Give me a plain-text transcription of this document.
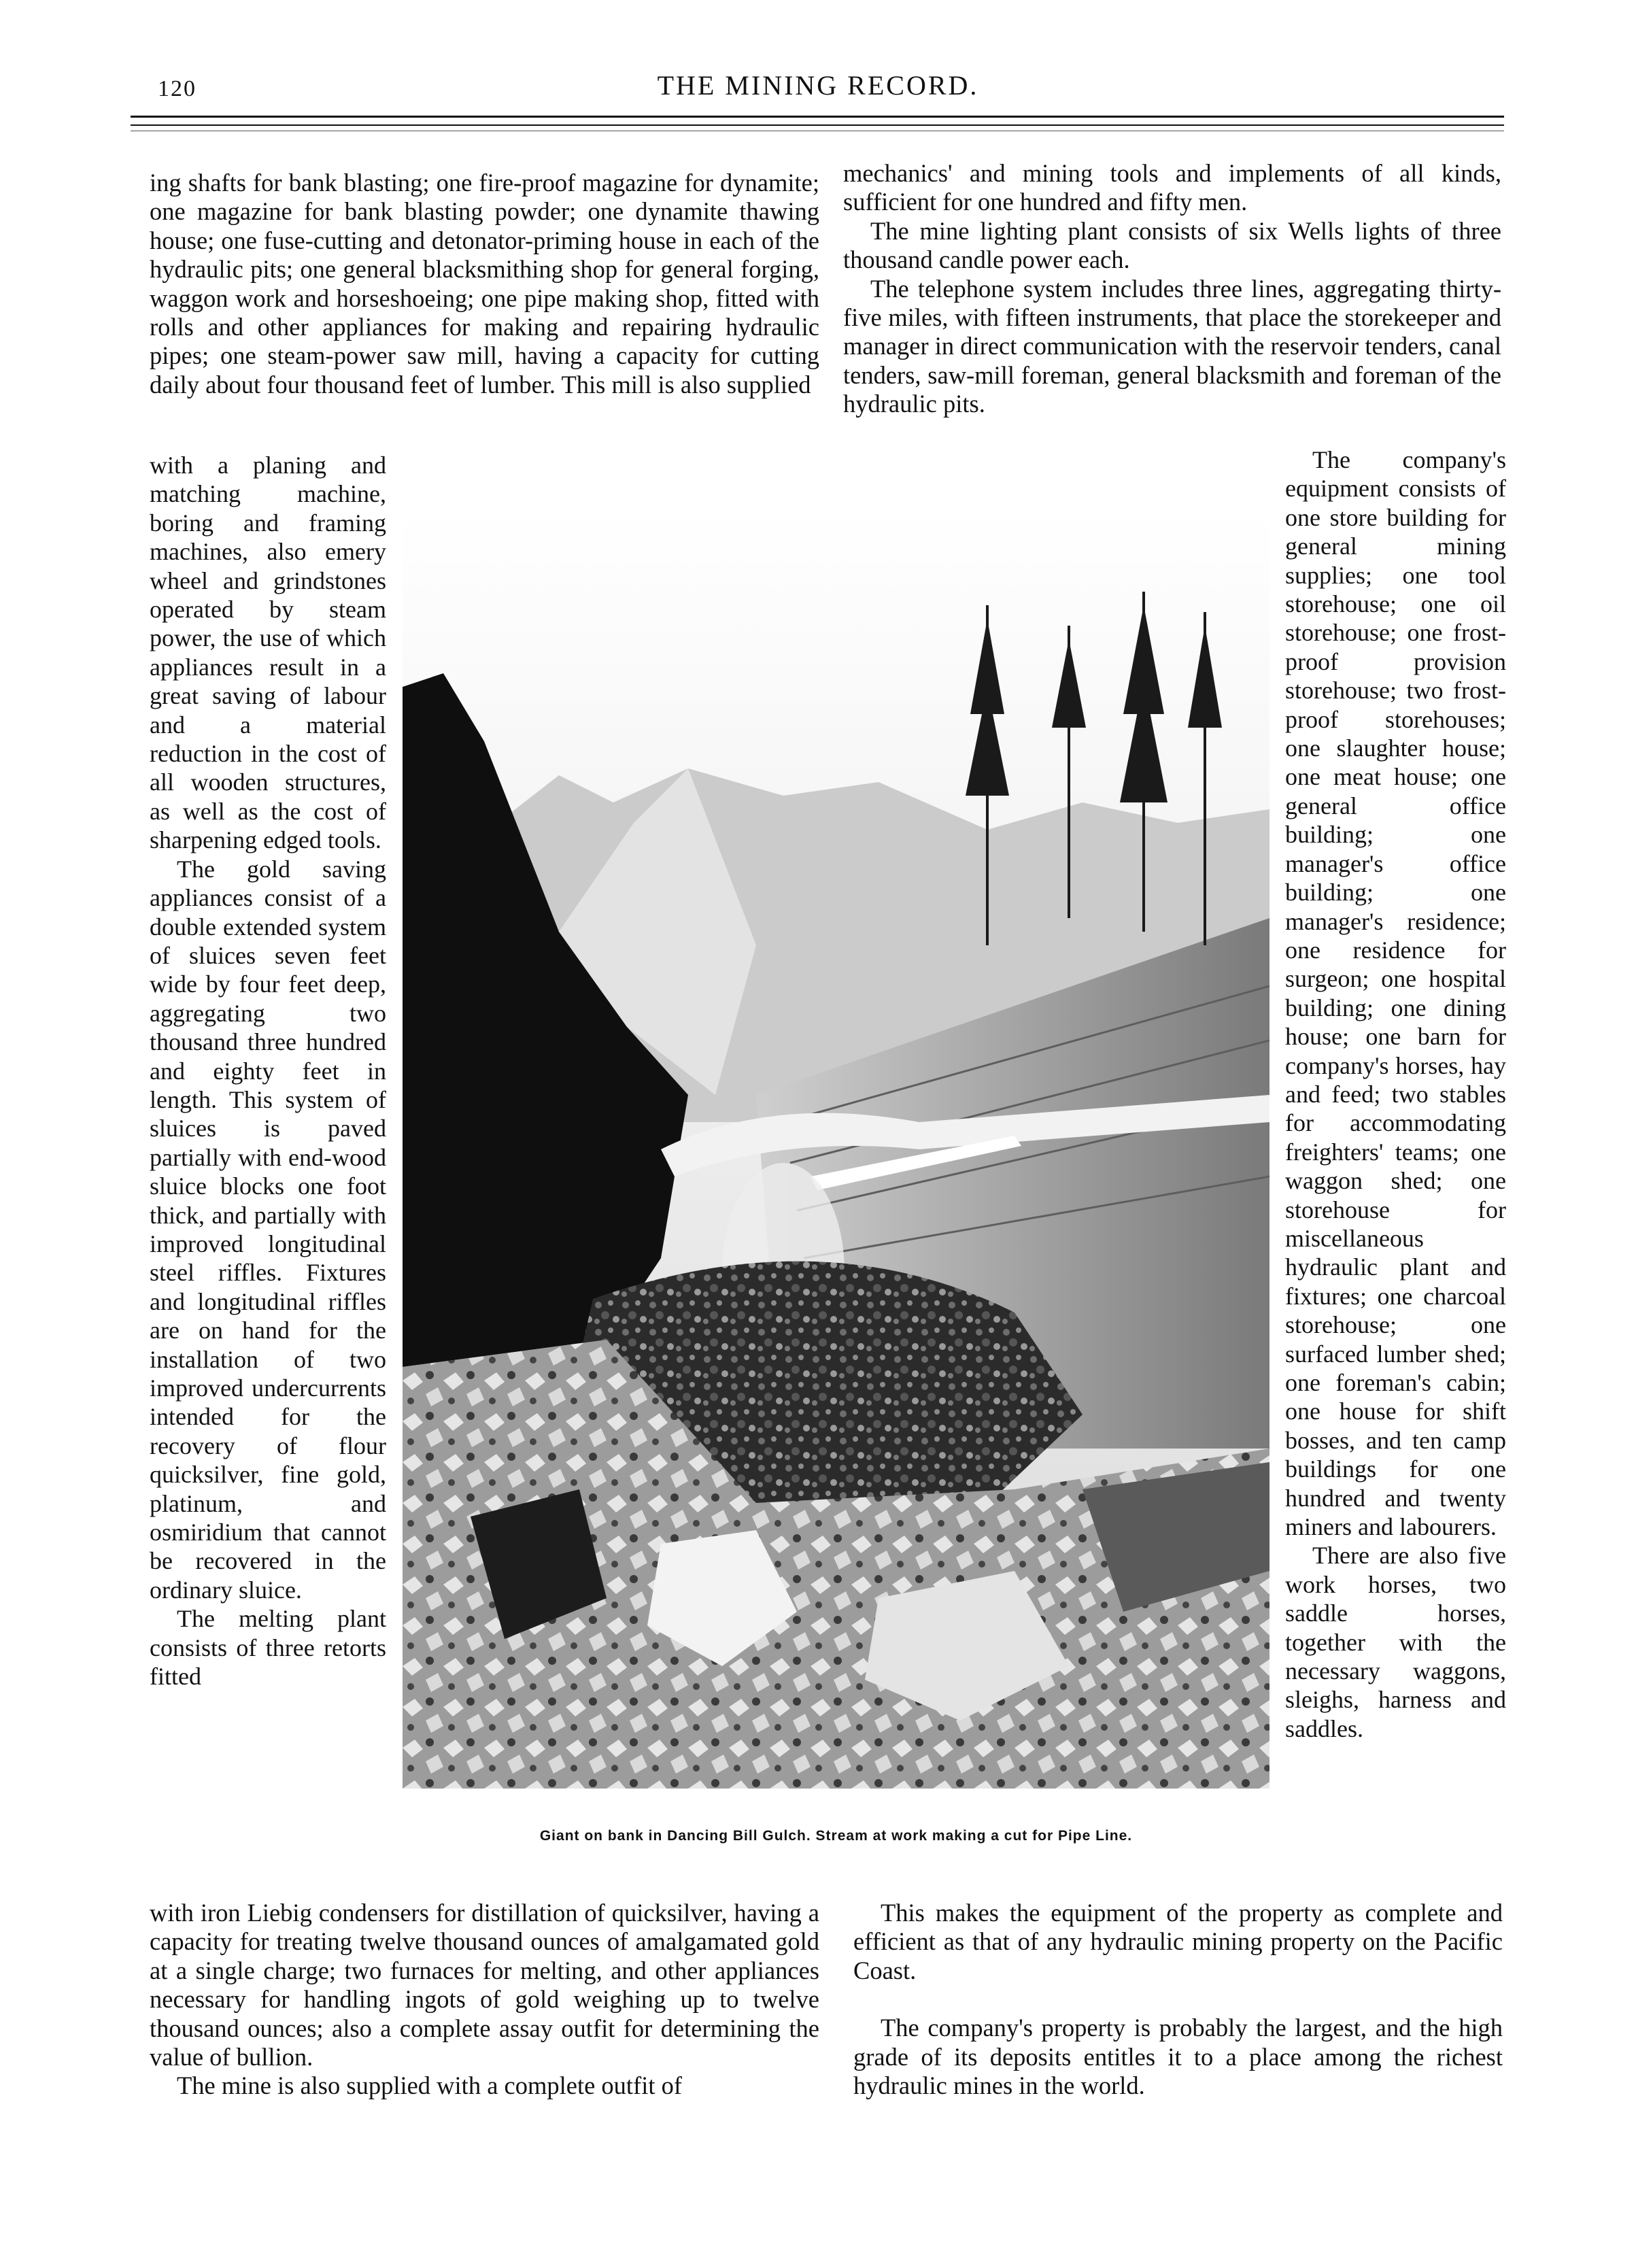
120	THE MINING RECORD.

ing shafts for bank blasting; one fire-proof magazine for dynamite; one magazine for bank blasting powder; one dynamite thawing house; one fuse-cutting and detonator-priming house in each of the hydraulic pits; one general blacksmithing shop for general forging, waggon work and horseshoeing; one pipe making shop, fitted with rolls and other appliances for making and repairing hydraulic pipes; one steam-power saw mill, having a capacity for cutting daily about four thousand feet of lumber. This mill is also supplied

with a planing and matching machine, boring and framing machines, also emery wheel and grindstones operated by steam power, the use of which appliances result in a great saving of labour and a material reduction in the cost of all wooden structures, as well as the cost of sharpening edged tools.

The gold saving appliances consist of a double extended system of sluices seven feet wide by four feet deep, aggregating two thousand three hundred and eighty feet in length. This system of sluices is paved partially with end-wood sluice blocks one foot thick, and partially with improved longitudinal steel riffles. Fixtures and longitudinal riffles are on hand for the installation of two improved undercurrents intended for the recovery of flour quicksilver, fine gold, platinum, and osmiridium that cannot be recovered in the ordinary sluice.

The melting plant consists of three retorts fitted

with iron Liebig condensers for distillation of quicksilver, having a capacity for treating twelve thousand ounces of amalgamated gold at a single charge; two furnaces for melting, and other appliances necessary for handling ingots of gold weighing up to twelve thousand ounces; also a complete assay outfit for determining the value of bullion.

The mine is also supplied with a complete outfit of

mechanics' and mining tools and implements of all kinds, sufficient for one hundred and fifty men.

The mine lighting plant consists of six Wells lights of three thousand candle power each.

The telephone system includes three lines, aggregating thirty-five miles, with fifteen instruments, that place the storekeeper and manager in direct communication with the reservoir tenders, canal tenders, saw-mill foreman, general blacksmith and foreman of the hydraulic pits.

The company's equipment consists of one store building for general mining supplies; one tool storehouse; one oil storehouse; one frost-proof provision storehouse; two frost-proof storehouses; one slaughter house; one meat house; one general office building; one manager's office building; one manager's residence; one residence for surgeon; one hospital building; one dining house; one barn for company's horses, hay and feed; two stables for accommodating freighters' teams; one waggon shed; one storehouse for miscellaneous hydraulic plant and fixtures; one charcoal storehouse; one surfaced lumber shed; one foreman's cabin; one house for shift bosses, and ten camp buildings for one hundred and twenty miners and labourers.

There are also five work horses, two saddle horses, together with the necessary waggons, sleighs, harness and saddles.

This makes the equipment of the property as complete and efficient as that of any hydraulic mining property on the Pacific Coast.

The company's property is probably the largest, and the high grade of its deposits entitles it to a place among the richest hydraulic mines in the world.

Giant on bank in Dancing Bill Gulch. Stream at work making a cut for Pipe Line.
